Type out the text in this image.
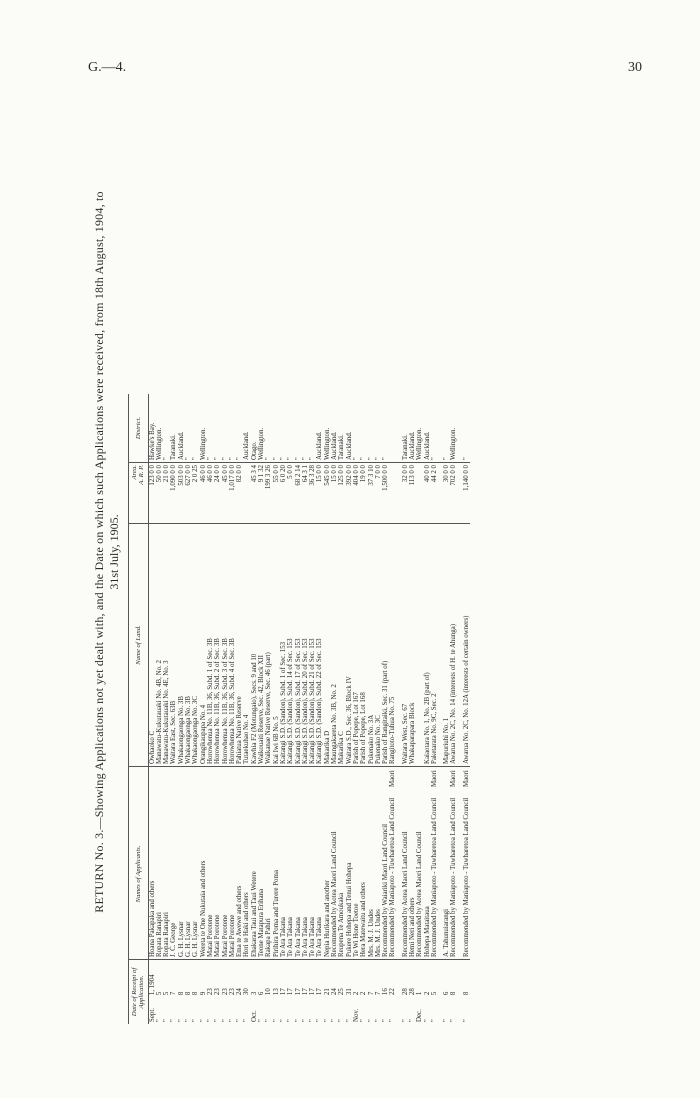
G.—4.	30
RETURN No. 3.—Showing Applications not yet dealt with, and the Date on which such Applications were received, from 18th August, 1904, to 31st July, 1905.
Date of Receipt of Application.		Names of Applicants.		Name of Land.	Area.
A. R. P.	District.
Sept.	1, 1904	Hoana Pakapaka and others		Owhaoko C	123 0 0	Hawke's Bay.
"	5	Ropata Ranapiri		Manawatu-Kukutauaki No. 4B, No. 2	50 0 0	Wellington.
"	5	Ropata Ranapiri		Manawatu-Kukutauaki No. 4E, No. 3	21 0 0	"
"	7	J. C. George		Waitara East, Sec. 63B	1,090 0 0	Taranaki.
"	8	G. H. Lysnar		Whakaongaonga No. 3B	503 0 0	Auckland.
"	8	G. H. Lysnar		Whakaongaonga No. 3B	627 0 0	"
"	8	G. H. Lysnar		Whakaongaonga No. 3C	2 0 25	"
"	9	Wereta te One Nukutaia and others		Orangikaupapa No. 4	46 0 0	Wellington.
"	23	Matai Porotene		Horowhenua No. 11B, 36, Subd. 1 of Sec. 3B	46 0 0	"
"	23	Matai Porotene		Horowhenua No. 11B, 36, Subd. 2 of Sec. 3B	24 0 0	"
"	23	Matai Porotene		Horowhenua No. 11B, 36, Subd. 3 of Sec. 3B	45 0 0	"
"	23	Matai Porotene		Horowhenua No. 11B, 36, Subd. 4 of Sec. 3B	1,017 0 0	"
"	24	Ema te Awewe and others		Pahiatua Native Reserve	82 0 0	"
"	30	Hori te Haki and others		Tutaekuhao No. 4		Auckland.
Oct.	3	Ehakaraa Taui and Taui Wetere		Kawhia F2 (Motungaio), Secs. 9 and 10	45 3 4	Otago.
"	6	Teone Matapura Erihana		Waikouaiti Reserve, Sec. 42, Block XII	9 1 32	Wellington.
"	10	Rakapa Pahiri		Waikanae Native Reserve, Sec. 46 (part)	199 3 26	"
"	13	Pirihira Poma and Turere Poma		Kai Iwi 6B No. 5	55 0 0	"
"	17	Te Ara Takana		Kaitangi S.D. (Sandon), Subd. 1 of Sec. 153	6 0 20	"
"	17	Te Ara Takana		Kaitangi S.D. (Sandon), Subd. 14 of Sec. 153	5 0 0	"
"	17	Te Ara Takana		Kaitangi S.D. (Sandon), Subd. 17 of Sec. 153	68 2 14	"
"	17	Te Ara Takana		Kaitangi S.D. (Sandon), Subd. 20 of Sec. 153	64 3 1	"
"	17	Te Ara Takana		Kaitangi S.D. (Sandon), Subd. 21 of Sec. 153	36 3 28	"
"	17	Te Ara Takana		Kaitangi S.D. (Sandon), Subd. 22 of Sec. 153	15 0 0	Auckland.
"	21	Nepia Hurikara and another		Makarika D	545 0 0	Wellington.
"	24	Recommended by Aotea Maori Land Council		Maungakareta No. 3B, No. 2	15 0 0	Auckland.
"	25	Reupena Te Amoukaka		Makarika C	125 0 0	Taranaki.
"	31	Pukere Hohepa and Tenui Hohepa		Waitara S.D., Sec. 36, Block IV	392 0 0	Auckland.
Nov.	2	Te Wi Hone Toetoe		Parish of Popepe, Lot 167	404 0 0	"
"	2	Hera Matewaitu and others		Parish of Popepe, Lot 168	19 0 0	"
"	7	Mrs. M. J. Undes		Pukenako No. 3A	37 3 10	"
"	7	Mrs. M. J. Undes		Pukenako No. 3C	7 0 0	"
"	16	Recommended by Waiariki Maori Land Council		Parish of Rangitaiki, Sec. 31 (part of)	1,500 0 0	"
"	22	Recommended by Maniapoto - Tuwharetoa Land Council	Maori	Rangitoto-Tuhua No. 75		

"	28	Recommended by Aotea Maori Land Council		Waitara West, Sec. 67	32 0 0	Taranaki.
"	28	Hemi Neri and others		Whakaparapara Block	113 0 0	Auckland.
Dec.	1	Recommended by Aotea Maori Land Council				Wellington.
"	2	Hohepa Mataitaua		Kaiaotara No. 1, No. 2B (part of)	40 0 0	Auckland.
"	5	Recommended by Maniapoto - Tuwharetoa Land Council	Maori	Paketarata No. 9C, Sec. 2	44 2 0	"

"	6	A. Tahunuiarangi		Mapuriuhi No. 1	30 0 0	"
"	8	Recommended by Maniapoto - Tuwharetoa Land Council	Maori	Awarua No. 2C, No. 14 (interests of H. te Ahunga)	702 0 0	Wellington.

"	8	Recommended by Maniapoto - Tuwharetoa Land Council	Maori	Awarua No. 2C, No. 12A (interests of certain owners)	1,140 0 0	"
